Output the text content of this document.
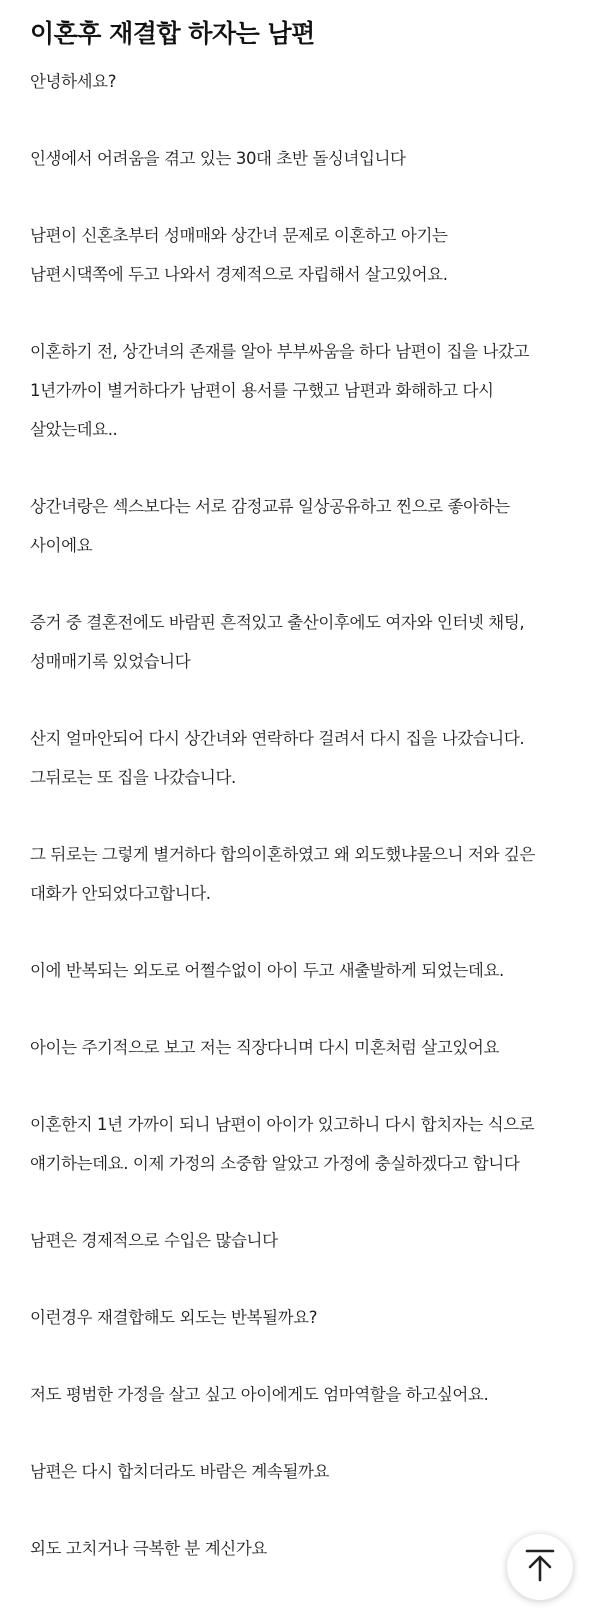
이혼후 재결합 하자는 남편

안녕하세요?

인생에서 어려움을 겪고 있는 30대 초반 돌싱녀입니다

남편이 신혼초부터 성매매와 상간녀 문제로 이혼하고 아기는
남편시댁쪽에 두고 나와서 경제적으로 자립해서 살고있어요.

이혼하기 전, 상간녀의 존재를 알아 부부싸움을 하다 남편이 집을 나갔고
1년가까이 별거하다가 남편이 용서를 구했고 남편과 화해하고 다시
살았는데요..

상간녀랑은 섹스보다는 서로 감정교류 일상공유하고 찐으로 좋아하는
사이에요

증거 중 결혼전에도 바람핀 흔적있고 출산이후에도 여자와 인터넷 채팅,
성매매기록 있었습니다

산지 얼마안되어 다시 상간녀와 연락하다 걸려서 다시 집을 나갔습니다.
그뒤로는 또 집을 나갔습니다.

그 뒤로는 그렇게 별거하다 합의이혼하였고 왜 외도했냐물으니 저와 깊은
대화가 안되었다고합니다.

이에 반복되는 외도로 어쩔수없이 아이 두고 새출발하게 되었는데요.

아이는 주기적으로 보고 저는 직장다니며 다시 미혼처럼 살고있어요

이혼한지 1년 가까이 되니 남편이 아이가 있고하니 다시 합치자는 식으로
얘기하는데요. 이제 가정의 소중함 알았고 가정에 충실하겠다고 합니다

남편은 경제적으로 수입은 많습니다

이런경우 재결합해도 외도는 반복될까요?

저도 평범한 가정을 살고 싶고 아이에게도 엄마역할을 하고싶어요.

남편은 다시 합치더라도 바람은 계속될까요

외도 고치거나 극복한 분 계신가요
